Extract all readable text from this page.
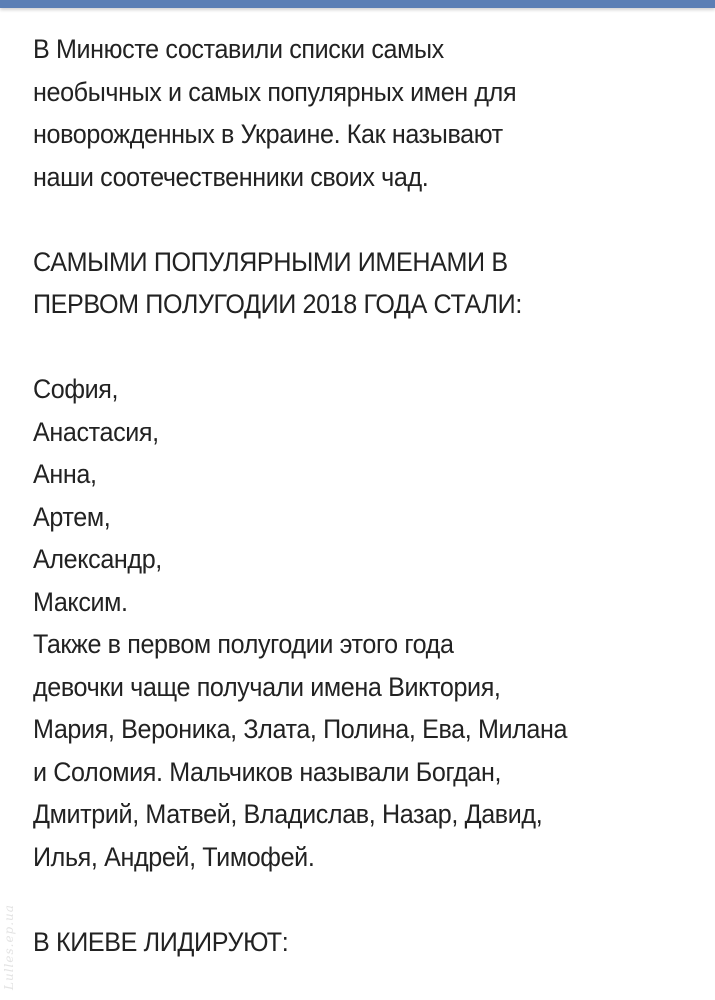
В Минюсте составили списки самых
необычных и самых популярных имен для
новорожденных в Украине. Как называют
наши соотечественники своих чад.
САМЫМИ ПОПУЛЯРНЫМИ ИМЕНАМИ В
ПЕРВОМ ПОЛУГОДИИ 2018 ГОДА СТАЛИ:
София,
Анастасия,
Анна,
Артем,
Александр,
Максим.
Также в первом полугодии этого года
девочки чаще получали имена Виктория,
Мария, Вероника, Злата, Полина, Ева, Милана
и Соломия. Мальчиков называли Богдан,
Дмитрий, Матвей, Владислав, Назар, Давид,
Илья, Андрей, Тимофей.
В КИЕВЕ ЛИДИРУЮТ:
Lulles.ep.ua
